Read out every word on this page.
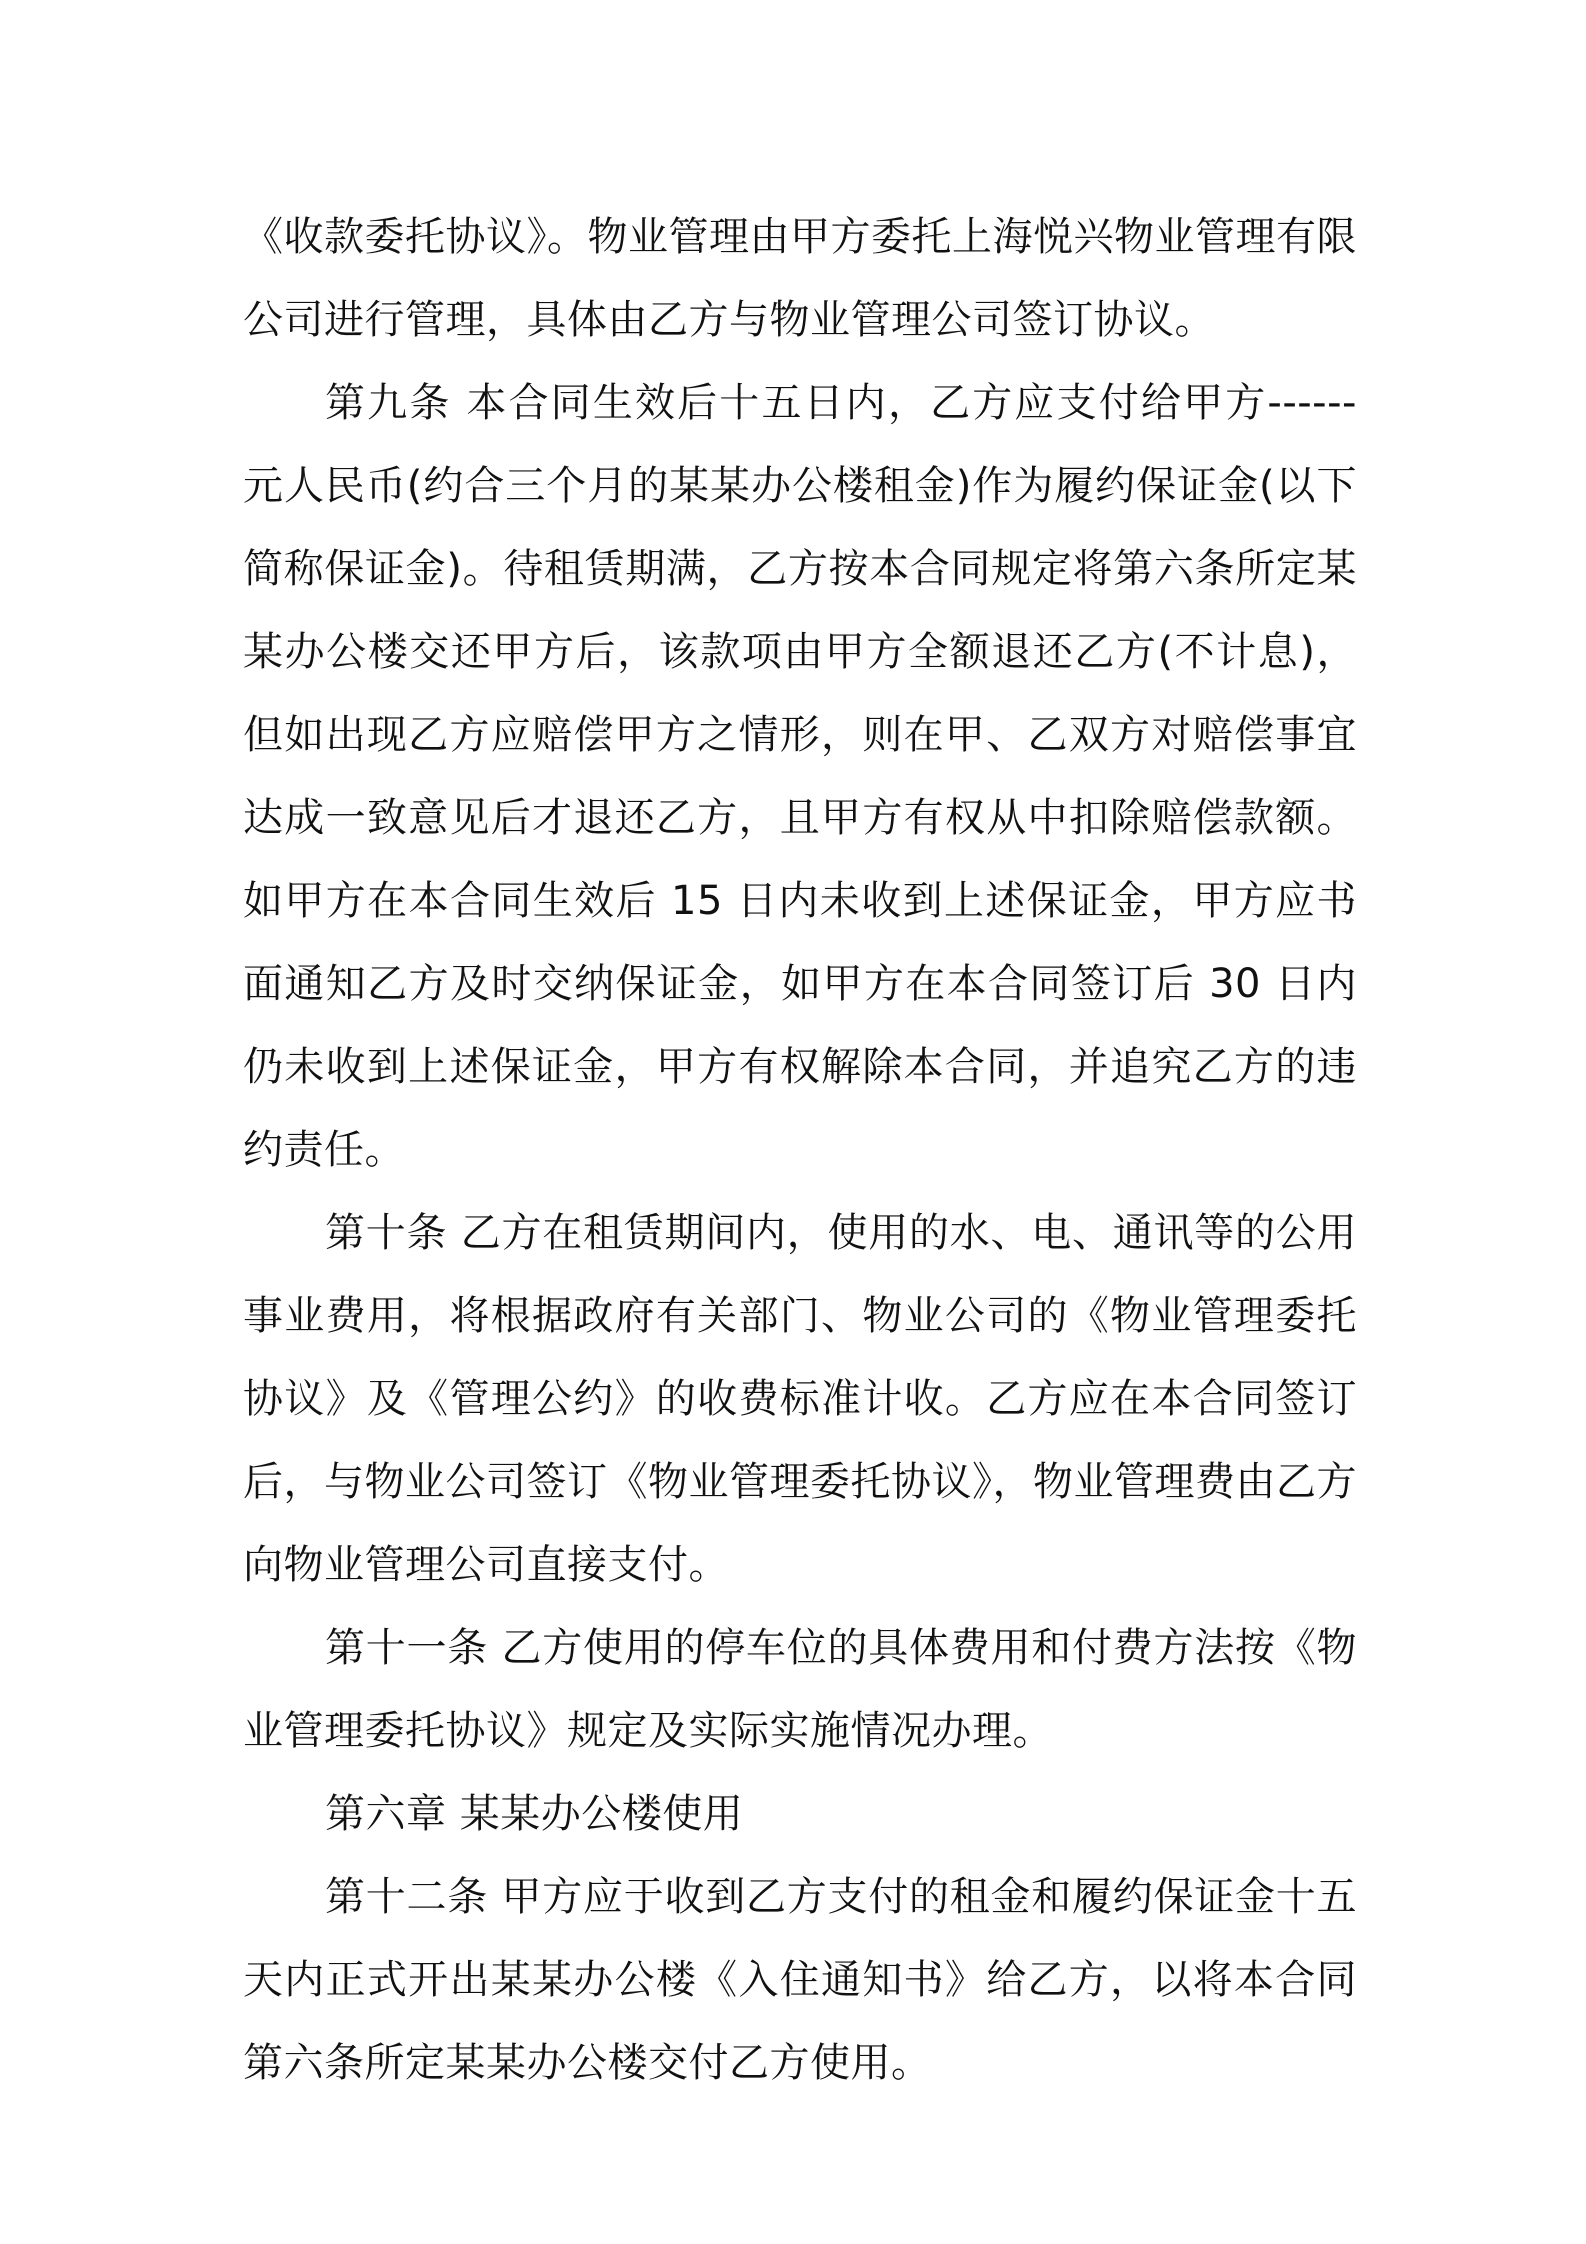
《收款委托协议》。物业管理由甲方委托上海悦兴物业管理有限公司进行管理，具体由乙方与物业管理公司签订协议。

第九条 本合同生效后十五日内，乙方应支付给甲方------元人民币(约合三个月的某某办公楼租金)作为履约保证金(以下简称保证金)。待租赁期满，乙方按本合同规定将第六条所定某某办公楼交还甲方后，该款项由甲方全额退还乙方(不计息)，但如出现乙方应赔偿甲方之情形，则在甲、乙双方对赔偿事宜达成一致意见后才退还乙方，且甲方有权从中扣除赔偿款额。如甲方在本合同生效后 15 日内未收到上述保证金，甲方应书面通知乙方及时交纳保证金，如甲方在本合同签订后 30 日内仍未收到上述保证金，甲方有权解除本合同，并追究乙方的违约责任。

第十条 乙方在租赁期间内，使用的水、电、通讯等的公用事业费用，将根据政府有关部门、物业公司的《物业管理委托协议》及《管理公约》的收费标准计收。乙方应在本合同签订后，与物业公司签订《物业管理委托协议》，物业管理费由乙方向物业管理公司直接支付。

第十一条 乙方使用的停车位的具体费用和付费方法按《物业管理委托协议》规定及实际实施情况办理。

第六章 某某办公楼使用

第十二条 甲方应于收到乙方支付的租金和履约保证金十五天内正式开出某某办公楼《入住通知书》给乙方，以将本合同第六条所定某某办公楼交付乙方使用。
